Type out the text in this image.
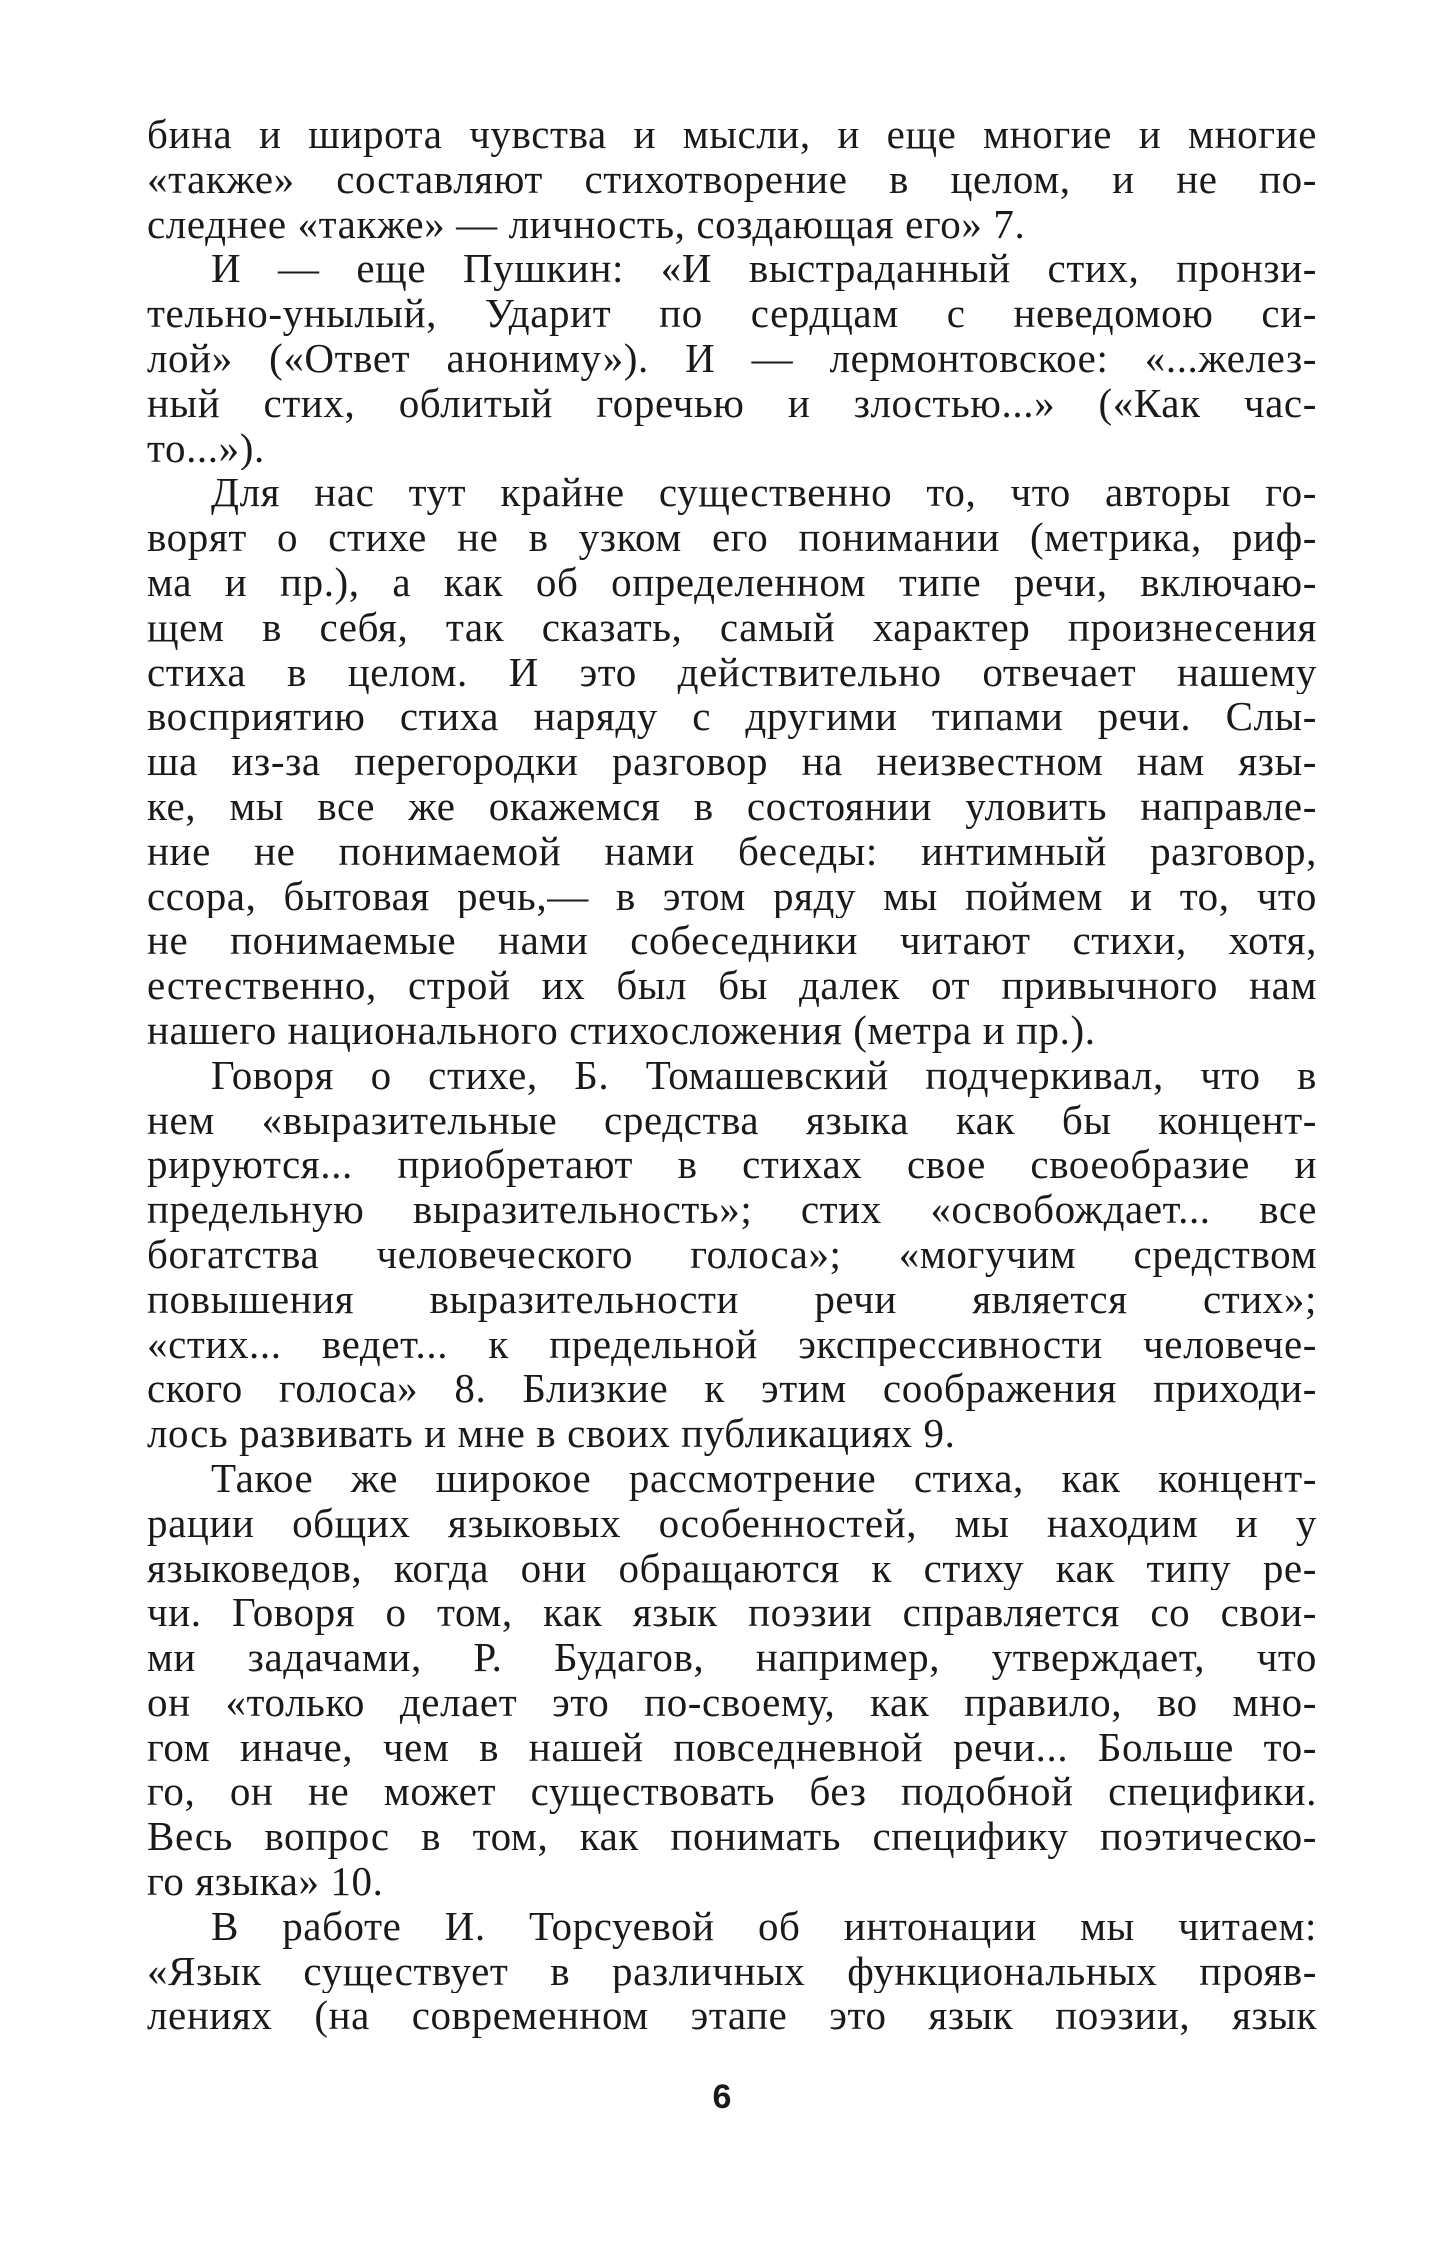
бина и широта чувства и мысли, и еще многие и многие
«также» составляют стихотворение в целом, и не по-
следнее «также» — личность, создающая его» 7.

И — еще Пушкин: «И выстраданный стих, пронзи-
тельно-унылый, Ударит по сердцам с неведомою си-
лой» («Ответ анониму»). И — лермонтовское: «...желез-
ный стих, облитый горечью и злостью...» («Как час-
то...»).

Для нас тут крайне существенно то, что авторы го-
ворят о стихе не в узком его понимании (метрика, риф-
ма и пр.), а как об определенном типе речи, включаю-
щем в себя, так сказать, самый характер произнесения
стиха в целом. И это действительно отвечает нашему
восприятию стиха наряду с другими типами речи. Слы-
ша из-за перегородки разговор на неизвестном нам язы-
ке, мы все же окажемся в состоянии уловить направле-
ние не понимаемой нами беседы: интимный разговор,
ссора, бытовая речь,— в этом ряду мы поймем и то, что
не понимаемые нами собеседники читают стихи, хотя,
естественно, строй их был бы далек от привычного нам
нашего национального стихосложения (метра и пр.).

Говоря о стихе, Б. Томашевский подчеркивал, что в
нем «выразительные средства языка как бы концент-
рируются... приобретают в стихах свое своеобразие и
предельную выразительность»; стих «освобождает... все
богатства человеческого голоса»; «могучим средством
повышения выразительности речи является стих»;
«стих... ведет... к предельной экспрессивности человече-
ского голоса» 8. Близкие к этим соображения приходи-
лось развивать и мне в своих публикациях 9.

Такое же широкое рассмотрение стиха, как концент-
рации общих языковых особенностей, мы находим и у
языковедов, когда они обращаются к стиху как типу ре-
чи. Говоря о том, как язык поэзии справляется со свои-
ми задачами, Р. Будагов, например, утверждает, что
он «только делает это по-своему, как правило, во мно-
гом иначе, чем в нашей повседневной речи... Больше то-
го, он не может существовать без подобной специфики.
Весь вопрос в том, как понимать специфику поэтическо-
го языка» 10.

В работе И. Торсуевой об интонации мы читаем:
«Язык существует в различных функциональных прояв-
лениях (на современном этапе это язык поэзии, язык

6
